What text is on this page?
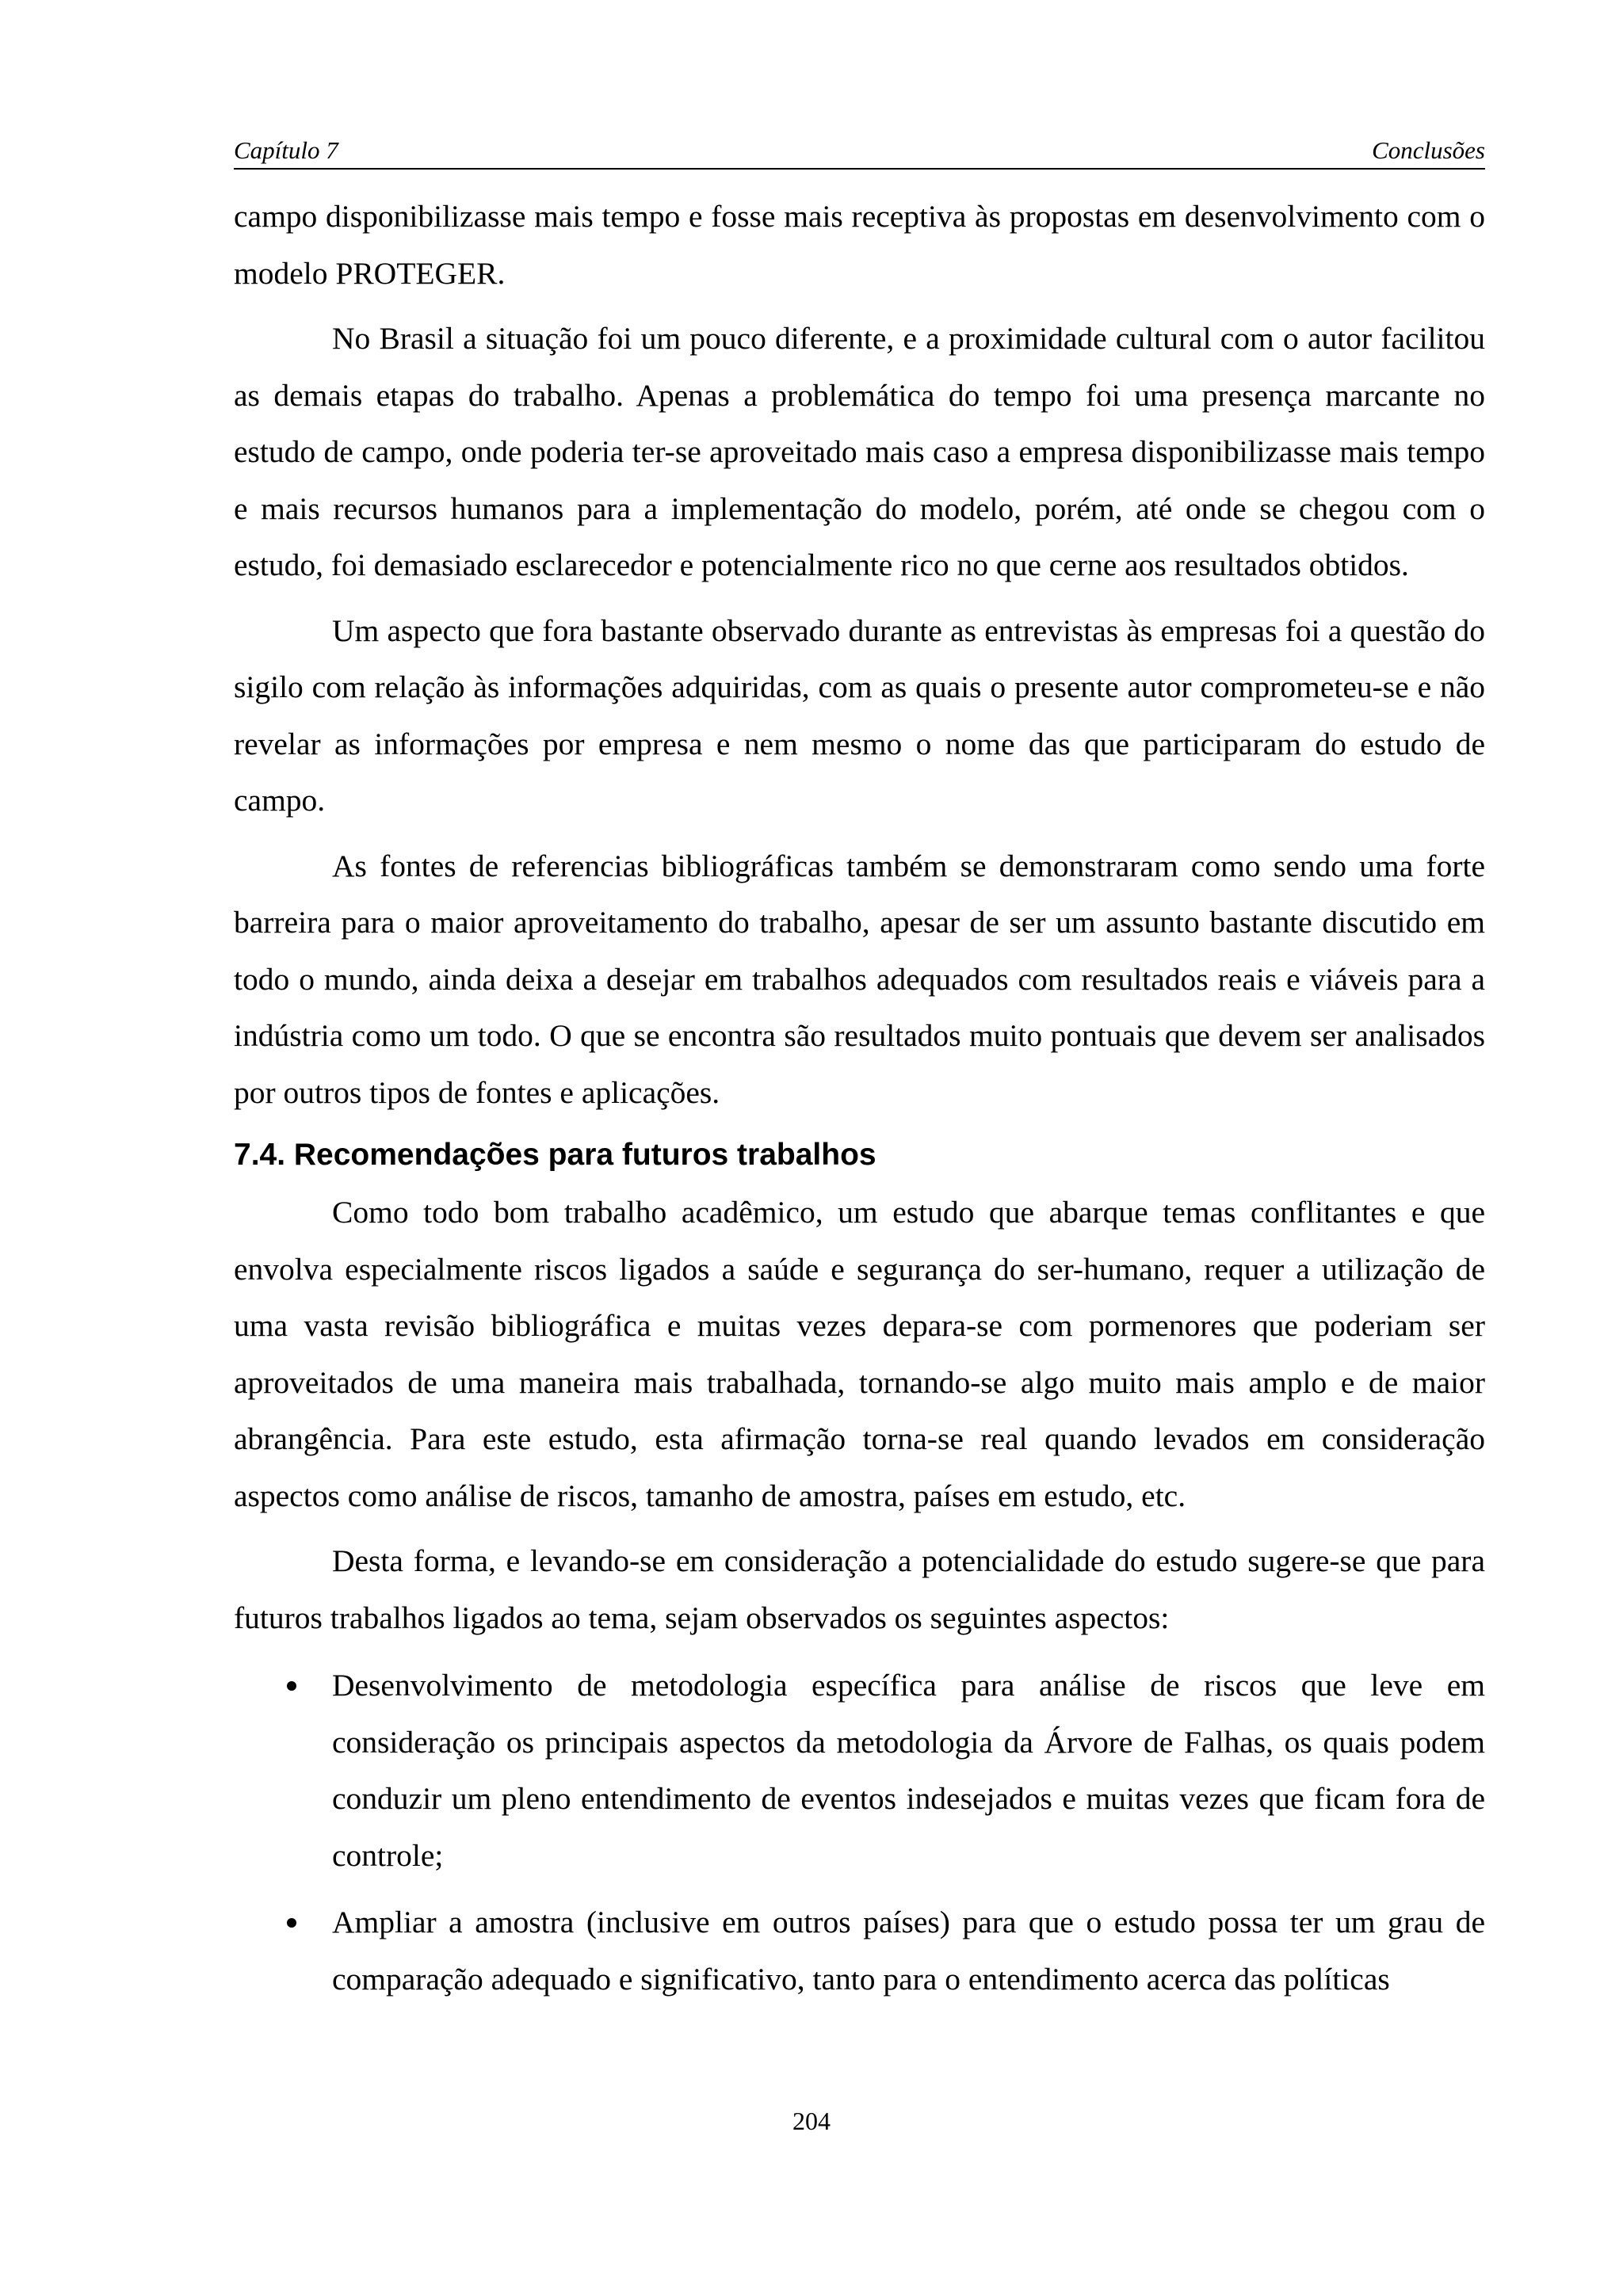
Capítulo 7	Conclusões

campo disponibilizasse mais tempo e fosse mais receptiva às propostas em desenvolvimento com o modelo PROTEGER.

No Brasil a situação foi um pouco diferente, e a proximidade cultural com o autor facilitou as demais etapas do trabalho. Apenas a problemática do tempo foi uma presença marcante no estudo de campo, onde poderia ter-se aproveitado mais caso a empresa disponibilizasse mais tempo e mais recursos humanos para a implementação do modelo, porém, até onde se chegou com o estudo, foi demasiado esclarecedor e potencialmente rico no que cerne aos resultados obtidos.

Um aspecto que fora bastante observado durante as entrevistas às empresas foi a questão do sigilo com relação às informações adquiridas, com as quais o presente autor comprometeu-se e não revelar as informações por empresa e nem mesmo o nome das que participaram do estudo de campo.

As fontes de referencias bibliográficas também se demonstraram como sendo uma forte barreira para o maior aproveitamento do trabalho, apesar de ser um assunto bastante discutido em todo o mundo, ainda deixa a desejar em trabalhos adequados com resultados reais e viáveis para a indústria como um todo. O que se encontra são resultados muito pontuais que devem ser analisados por outros tipos de fontes e aplicações.

7.4. Recomendações para futuros trabalhos

Como todo bom trabalho acadêmico, um estudo que abarque temas conflitantes e que envolva especialmente riscos ligados a saúde e segurança do ser-humano, requer a utilização de uma vasta revisão bibliográfica e muitas vezes depara-se com pormenores que poderiam ser aproveitados de uma maneira mais trabalhada, tornando-se algo muito mais amplo e de maior abrangência. Para este estudo, esta afirmação torna-se real quando levados em consideração aspectos como análise de riscos, tamanho de amostra, países em estudo, etc.

Desta forma, e levando-se em consideração a potencialidade do estudo sugere-se que para futuros trabalhos ligados ao tema, sejam observados os seguintes aspectos:

Desenvolvimento de metodologia específica para análise de riscos que leve em consideração os principais aspectos da metodologia da Árvore de Falhas, os quais podem conduzir um pleno entendimento de eventos indesejados e muitas vezes que ficam fora de controle;
Ampliar a amostra (inclusive em outros países) para que o estudo possa ter um grau de comparação adequado e significativo, tanto para o entendimento acerca das políticas
204
